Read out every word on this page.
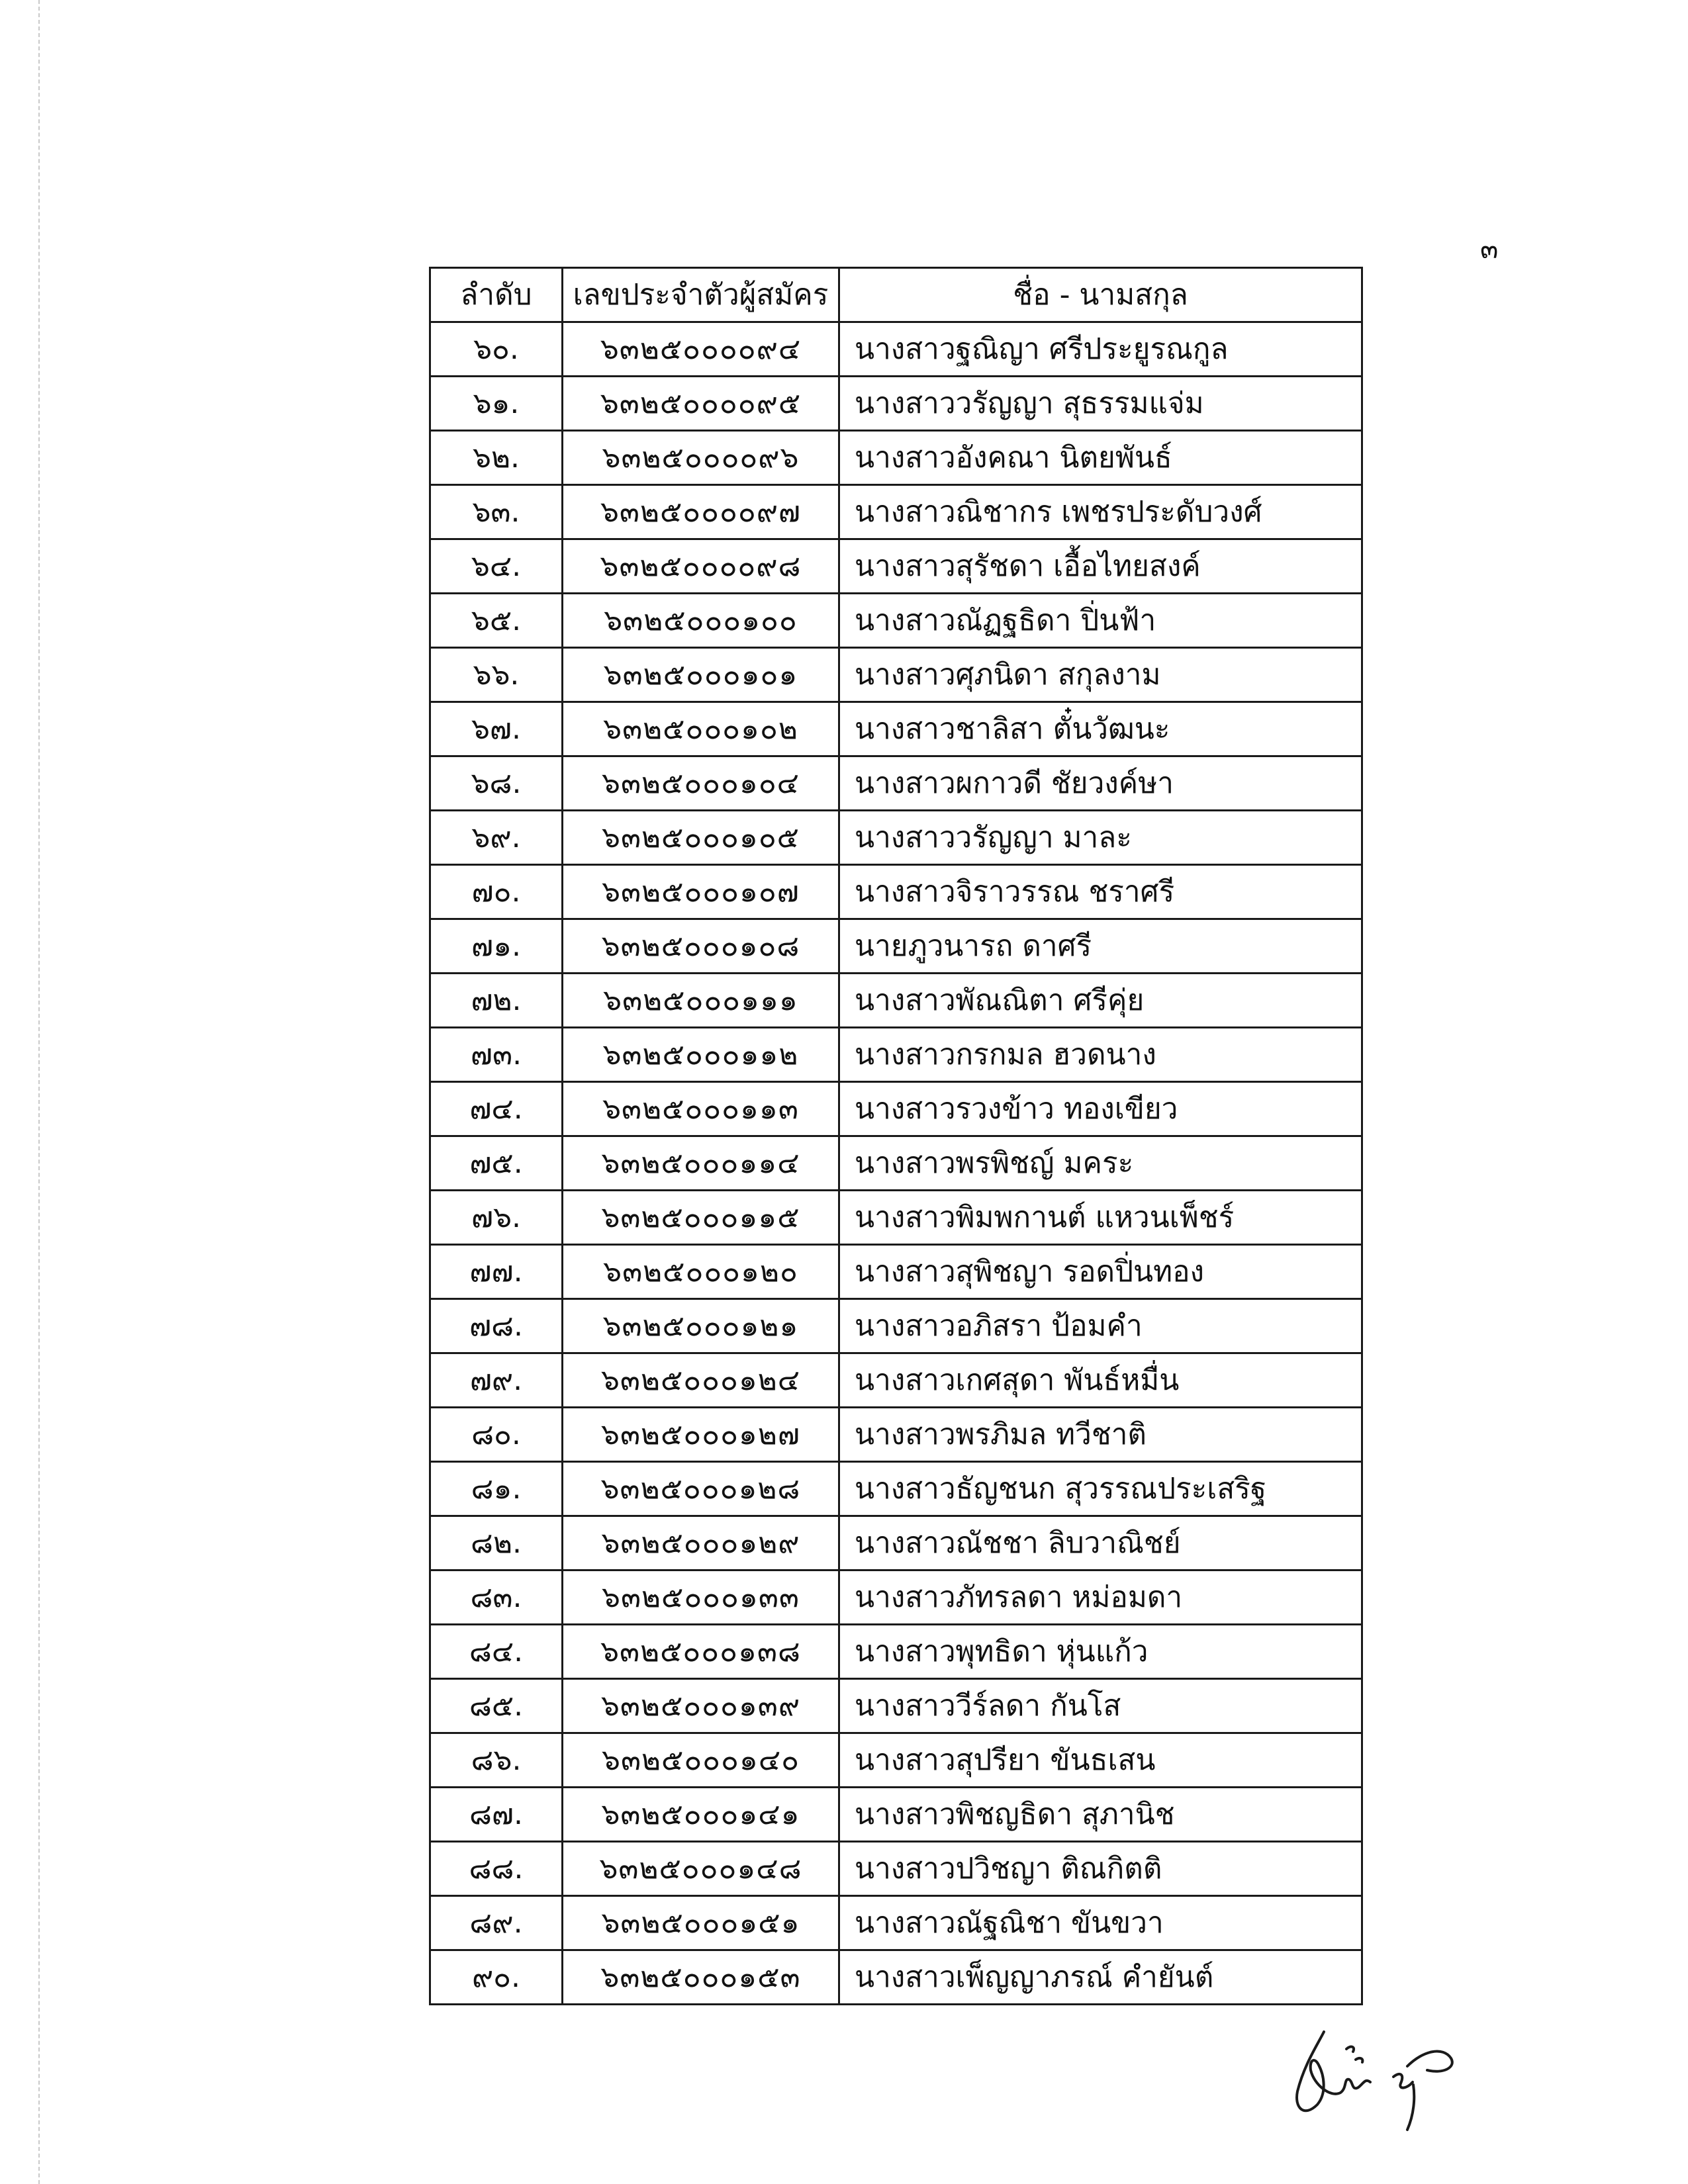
๓
ลำดับ	เลขประจำตัวผู้สมัคร	ชื่อ - นามสกุล
๖๐.	๖๓๒๕๐๐๐๐๙๔	นางสาวฐณิญา ศรีประยูรณกูล
๖๑.	๖๓๒๕๐๐๐๐๙๕	นางสาววรัญญา สุธรรมแจ่ม
๖๒.	๖๓๒๕๐๐๐๐๙๖	นางสาวอังคณา นิตยพันธ์
๖๓.	๖๓๒๕๐๐๐๐๙๗	นางสาวณิชากร เพชรประดับวงศ์
๖๔.	๖๓๒๕๐๐๐๐๙๘	นางสาวสุรัชดา เอื้อไทยสงค์
๖๕.	๖๓๒๕๐๐๐๑๐๐	นางสาวณัฏฐธิดา ปิ่นฟ้า
๖๖.	๖๓๒๕๐๐๐๑๐๑	นางสาวศุภนิดา สกุลงาม
๖๗.	๖๓๒๕๐๐๐๑๐๒	นางสาวชาลิสา ตั๋นวัฒนะ
๖๘.	๖๓๒๕๐๐๐๑๐๔	นางสาวผกาวดี ชัยวงค์ษา
๖๙.	๖๓๒๕๐๐๐๑๐๕	นางสาววรัญญา มาละ
๗๐.	๖๓๒๕๐๐๐๑๐๗	นางสาวจิราวรรณ ชราศรี
๗๑.	๖๓๒๕๐๐๐๑๐๘	นายภูวนารถ ดาศรี
๗๒.	๖๓๒๕๐๐๐๑๑๑	นางสาวพัณณิตา ศรีคุ่ย
๗๓.	๖๓๒๕๐๐๐๑๑๒	นางสาวกรกมล ฮวดนาง
๗๔.	๖๓๒๕๐๐๐๑๑๓	นางสาวรวงข้าว ทองเขียว
๗๕.	๖๓๒๕๐๐๐๑๑๔	นางสาวพรพิชญ์ มคระ
๗๖.	๖๓๒๕๐๐๐๑๑๕	นางสาวพิมพกานต์ แหวนเพ็ชร์
๗๗.	๖๓๒๕๐๐๐๑๒๐	นางสาวสุพิชญา รอดปิ่นทอง
๗๘.	๖๓๒๕๐๐๐๑๒๑	นางสาวอภิสรา ป้อมคำ
๗๙.	๖๓๒๕๐๐๐๑๒๔	นางสาวเกศสุดา พันธ์หมื่น
๘๐.	๖๓๒๕๐๐๐๑๒๗	นางสาวพรภิมล ทวีชาติ
๘๑.	๖๓๒๕๐๐๐๑๒๘	นางสาวธัญชนก สุวรรณประเสริฐ
๘๒.	๖๓๒๕๐๐๐๑๒๙	นางสาวณัชชา ลิบวาณิชย์
๘๓.	๖๓๒๕๐๐๐๑๓๓	นางสาวภัทรลดา หม่อมดา
๘๔.	๖๓๒๕๐๐๐๑๓๘	นางสาวพุทธิดา หุ่นแก้ว
๘๕.	๖๓๒๕๐๐๐๑๓๙	นางสาววีร์ลดา กันโส
๘๖.	๖๓๒๕๐๐๐๑๔๐	นางสาวสุปรียา ขันธเสน
๘๗.	๖๓๒๕๐๐๐๑๔๑	นางสาวพิชญธิดา สุภานิช
๘๘.	๖๓๒๕๐๐๐๑๔๘	นางสาวปวิชญา ติณกิตติ
๘๙.	๖๓๒๕๐๐๐๑๕๑	นางสาวณัฐณิชา ขันขวา
๙๐.	๖๓๒๕๐๐๐๑๕๓	นางสาวเพ็ญญาภรณ์ คำยันต์
